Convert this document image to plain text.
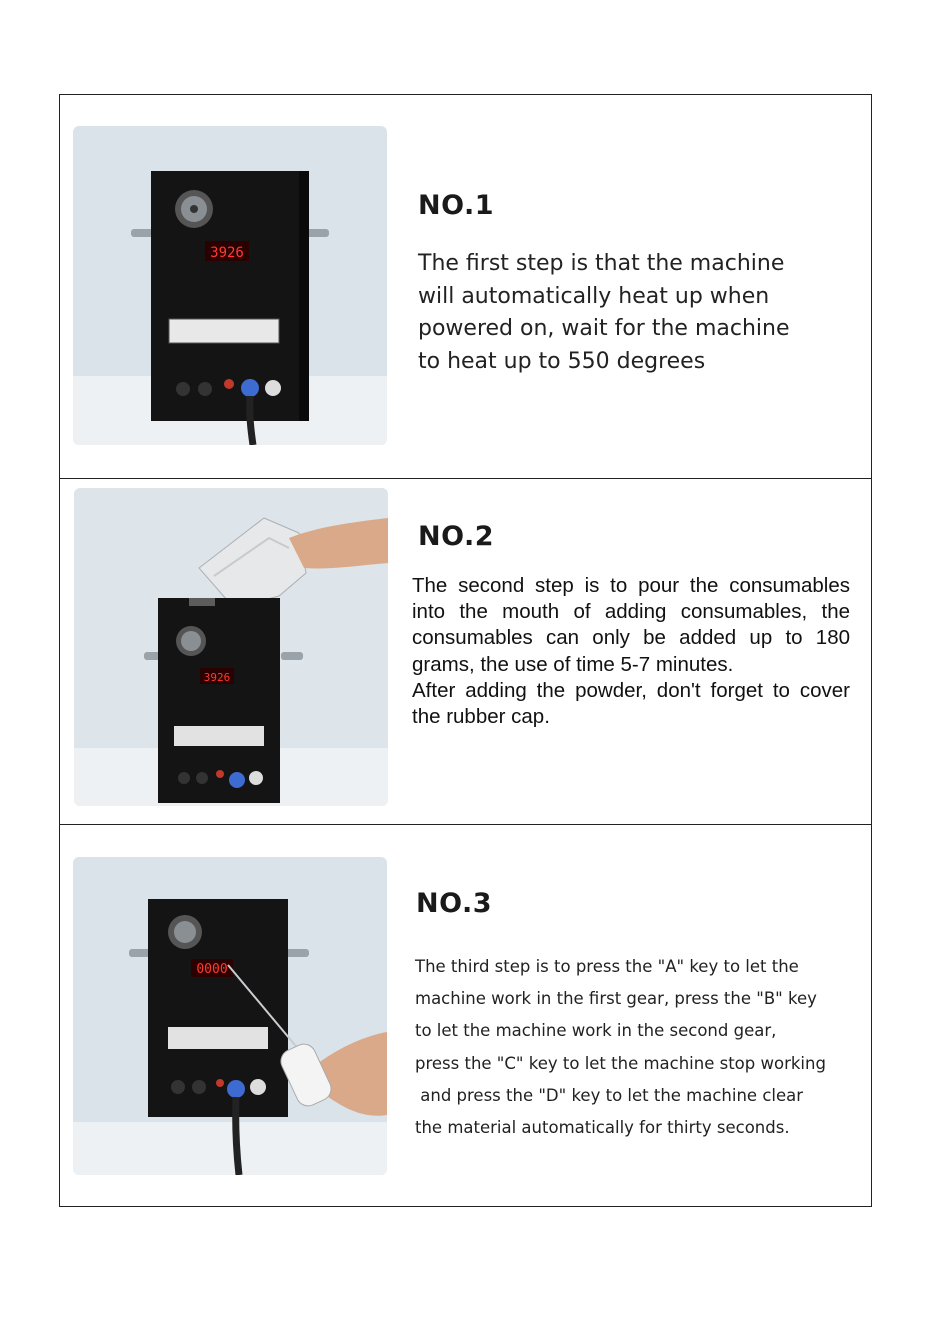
3926
NO.1
The first step is that the machine
will automatically heat up when
powered on, wait for the machine
to heat up to 550 degrees
3926
NO.2

The second step is to pour the consumables into the mouth of adding consumables, the consumables can only be added up to 180 grams, the use of time 5-7 minutes.

After adding the powder, don't forget to cover the rubber cap.

0000
NO.3
The third step is to press the "A" key to let the
machine work in the first gear, press the "B" key
to let the machine work in the second gear,
press the "C" key to let the machine stop working
and press the "D" key to let the machine clear
the material automatically for thirty seconds.
